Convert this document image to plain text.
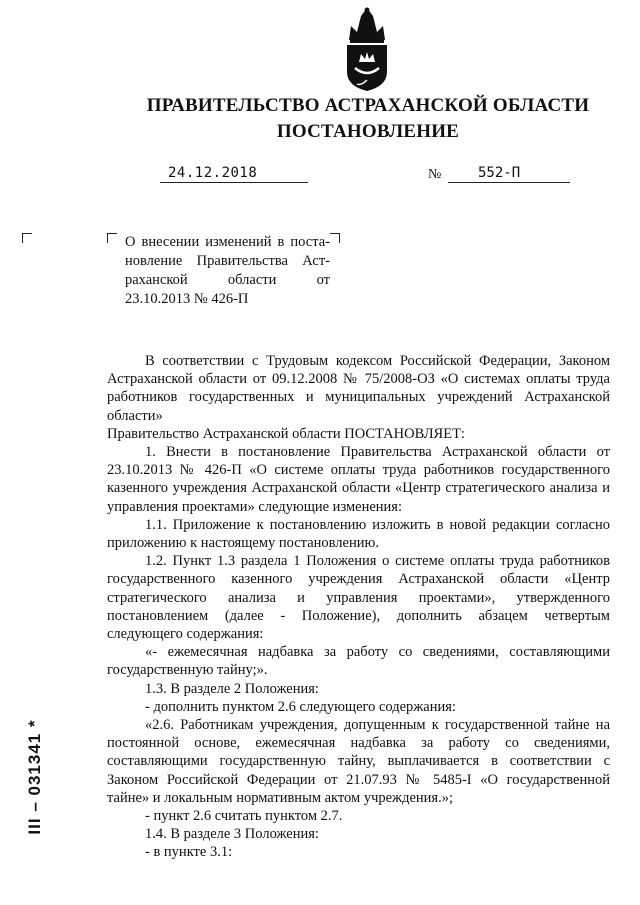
ПРАВИТЕЛЬСТВО АСТРАХАНСКОЙ ОБЛАСТИ
ПОСТАНОВЛЕНИЕ
24.12.2018	№	552-П
О внесении изменений в поста-
новление Правительства Аст-
раханской области от
23.10.2013 № 426-П

В соответствии с Трудовым кодексом Российской Федерации, Законом Астраханской области от 09.12.2008 № 75/2008-ОЗ «О системах оплаты труда работников государственных и муниципальных учреждений Астраханской области»

Правительство Астраханской области ПОСТАНОВЛЯЕТ:

1. Внести в постановление Правительства Астраханской области от 23.10.2013 № 426-П «О системе оплаты труда работников государственного казенного учреждения Астраханской области «Центр стратегического анализа и управления проектами» следующие изменения:

1.1. Приложение к постановлению изложить в новой редакции согласно приложению к настоящему постановлению.

1.2. Пункт 1.3 раздела 1 Положения о системе оплаты труда работников государственного казенного учреждения Астраханской области «Центр стратегического анализа и управления проектами», утвержденного постановлением (далее - Положение), дополнить абзацем четвертым следующего содержания:

«- ежемесячная надбавка за работу со сведениями, составляющими государственную тайну;».

1.3. В разделе 2 Положения:

- дополнить пунктом 2.6 следующего содержания:

«2.6. Работникам учреждения, допущенным к государственной тайне на постоянной основе, ежемесячная надбавка за работу со сведениями, составляющими государственную тайну, выплачивается в соответствии с Законом Российской Федерации от 21.07.93 № 5485-I «О государственной тайне» и локальным нормативным актом учреждения.»;

- пункт 2.6 считать пунктом 2.7.

1.4. В разделе 3 Положения:

- в пункте 3.1:

III – 031341 *
